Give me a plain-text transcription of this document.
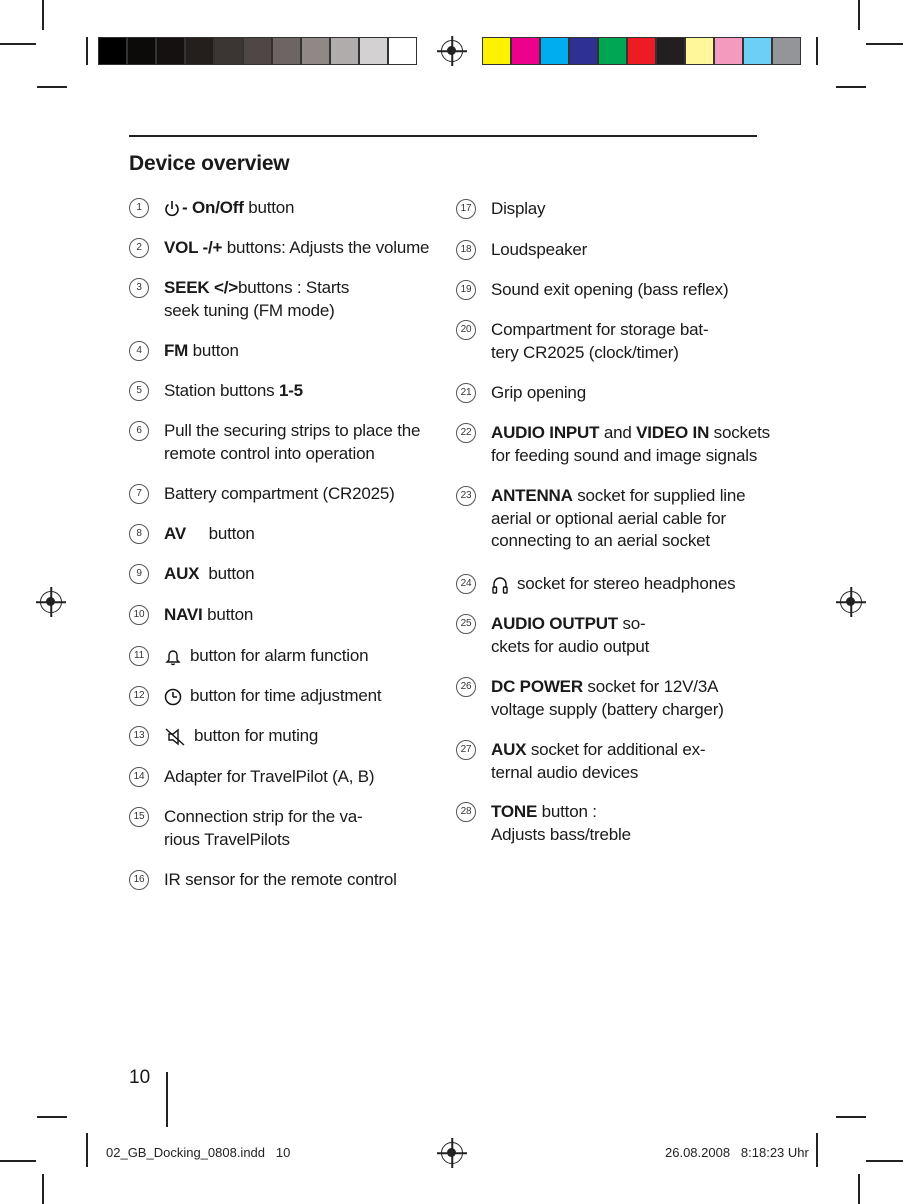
Device overview
1	- On/Off button
2	VOL -/+ buttons: Adjusts the volume
3	SEEK </>buttons : Starts
seek tuning (FM mode)
4	FM button
5	Station buttons 1-5
6	Pull the securing strips to place the
remote control into operation
7	Battery compartment (CR2025)
8	AV     button
9	AUX  button
10 NAVI button
11	button for alarm function
12	button for time adjustment
13	button for muting
14 Adapter for TravelPilot (A, B)
15 Connection strip for the va-
rious TravelPilots
16 IR sensor for the remote control
17 Display
18 Loudspeaker
19 Sound exit opening (bass reflex)
20 Compartment for storage bat-
tery CR2025 (clock/timer)
21 Grip opening
22 AUDIO INPUT and VIDEO IN sockets
for feeding sound and image signals
23 ANTENNA socket for supplied line
aerial or optional aerial cable for
connecting to an aerial socket
24	socket for stereo headphones
25 AUDIO OUTPUT so-
ckets for audio output
26 DC POWER socket for 12V/3A
voltage supply (battery charger)
27 AUX socket for additional ex-
ternal audio devices
28 TONE button :
Adjusts bass/treble
10
02_GB_Docking_0808.indd   10	26.08.2008   8:18:23 Uhr
